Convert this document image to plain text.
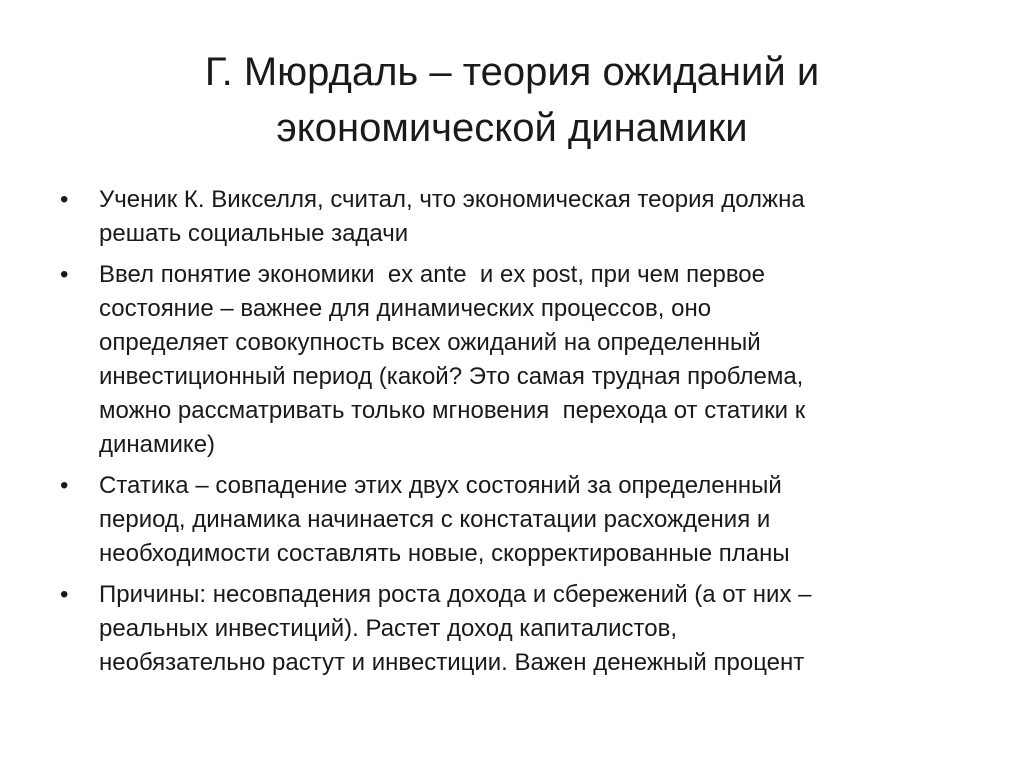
Г. Мюрдаль – теория ожиданий и
экономической динамики
•	Ученик К. Викселля, считал, что экономическая теория должна
решать социальные задачи
•	Ввел понятие экономики  ex ante  и ex post, при чем первое
состояние – важнее для динамических процессов, оно
определяет совокупность всех ожиданий на определенный
инвестиционный период (какой? Это самая трудная проблема,
можно рассматривать только мгновения  перехода от статики к
динамике)
•	Статика – совпадение этих двух состояний за определенный
период, динамика начинается с констатации расхождения и
необходимости составлять новые, скорректированные планы
•	Причины: несовпадения роста дохода и сбережений (а от них –
реальных инвестиций). Растет доход капиталистов,
необязательно растут и инвестиции. Важен денежный процент
